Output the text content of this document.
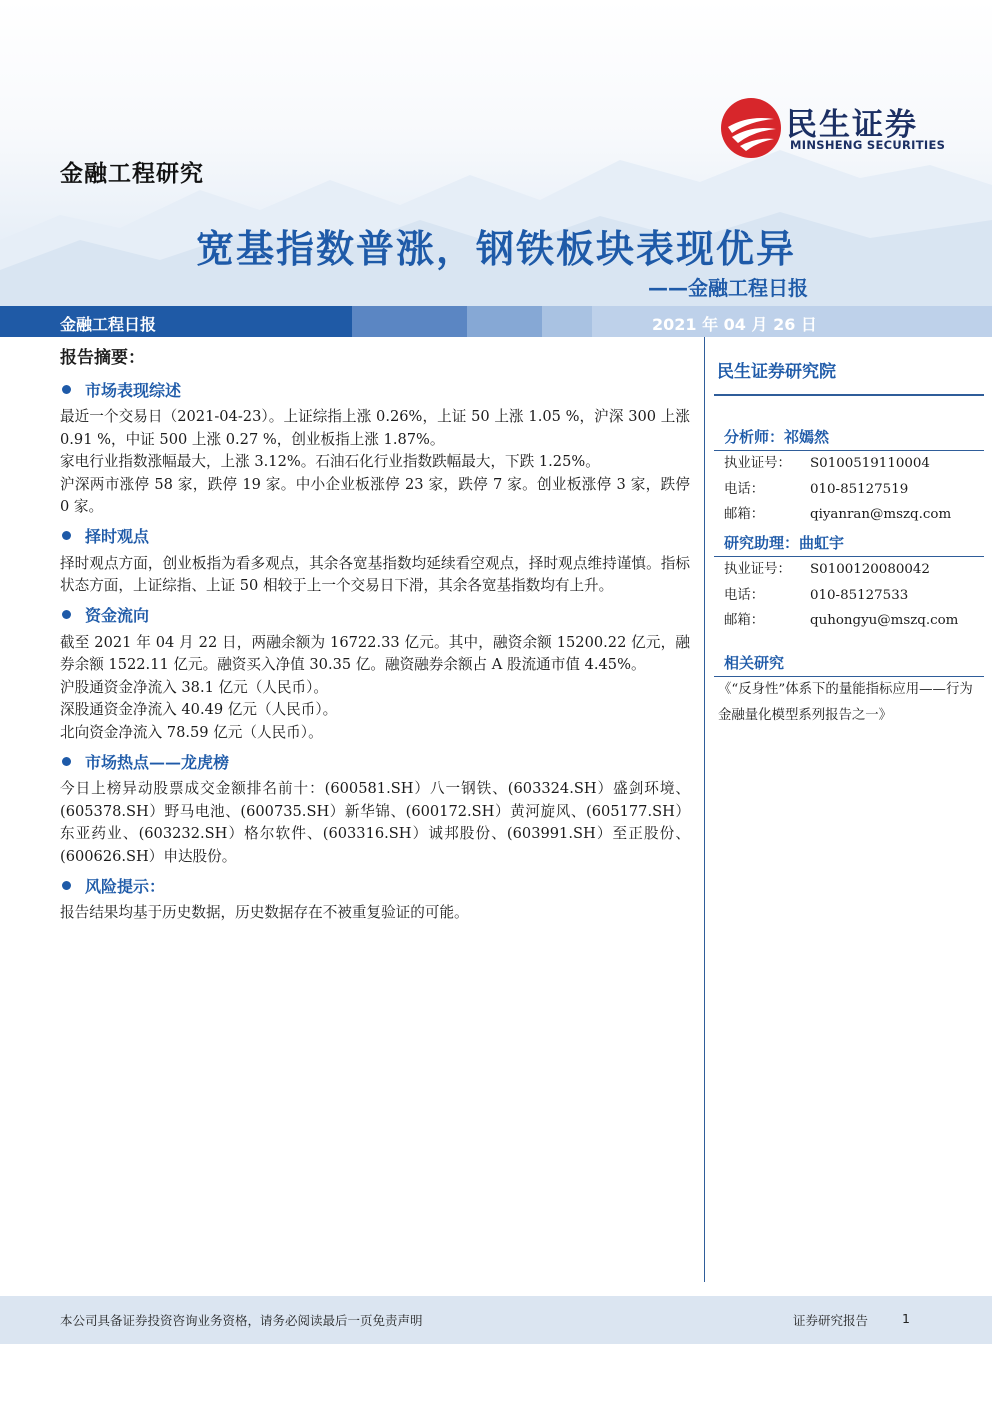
金融工程研究
民生证券
MINSHENG SECURITIES
宽基指数普涨，钢铁板块表现优异
——金融工程日报
金融工程日报	2021 年 04 月 26 日
报告摘要：
市场表现综述

最近一个交易日（2021-04-23）。上证综指上涨 0.26%，上证 50 上涨 1.05 %，沪深 300 上涨 0.91 %，中证 500 上涨 0.27 %，创业板指上涨 1.87%。

家电行业指数涨幅最大，上涨 3.12%。石油石化行业指数跌幅最大，下跌 1.25%。

沪深两市涨停 58 家，跌停 19 家。中小企业板涨停 23 家，跌停 7 家。创业板涨停 3 家，跌停 0 家。

择时观点

择时观点方面，创业板指为看多观点，其余各宽基指数均延续看空观点，择时观点维持谨慎。指标状态方面，上证综指、上证 50 相较于上一个交易日下滑，其余各宽基指数均有上升。

资金流向

截至 2021 年 04 月 22 日，两融余额为 16722.33 亿元。其中，融资余额 15200.22 亿元，融券余额 1522.11 亿元。融资买入净值 30.35 亿。融资融券余额占 A 股流通市值 4.45%。

沪股通资金净流入 38.1 亿元（人民币）。

深股通资金净流入 40.49 亿元（人民币）。

北向资金净流入 78.59 亿元（人民币）。

市场热点——龙虎榜

今日上榜异动股票成交金额排名前十：(600581.SH）八一钢铁、(603324.SH）盛剑环境、(605378.SH）野马电池、(600735.SH）新华锦、(600172.SH）黄河旋风、(605177.SH）东亚药业、(603232.SH）格尔软件、(603316.SH）诚邦股份、(603991.SH）至正股份、(600626.SH）申达股份。

风险提示：

报告结果均基于历史数据，历史数据存在不被重复验证的可能。

民生证券研究院
分析师：祁嫣然
执业证号：	S0100519110004
电话：	010-85127519
邮箱：	qiyanran@mszq.com
研究助理：曲虹宇
执业证号：	S0100120080042
电话：	010-85127533
邮箱：	quhongyu@mszq.com
相关研究
《“反身性”体系下的量能指标应用——行为金融量化模型系列报告之一》
本公司具备证券投资咨询业务资格，请务必阅读最后一页免责声明	证券研究报告	1
